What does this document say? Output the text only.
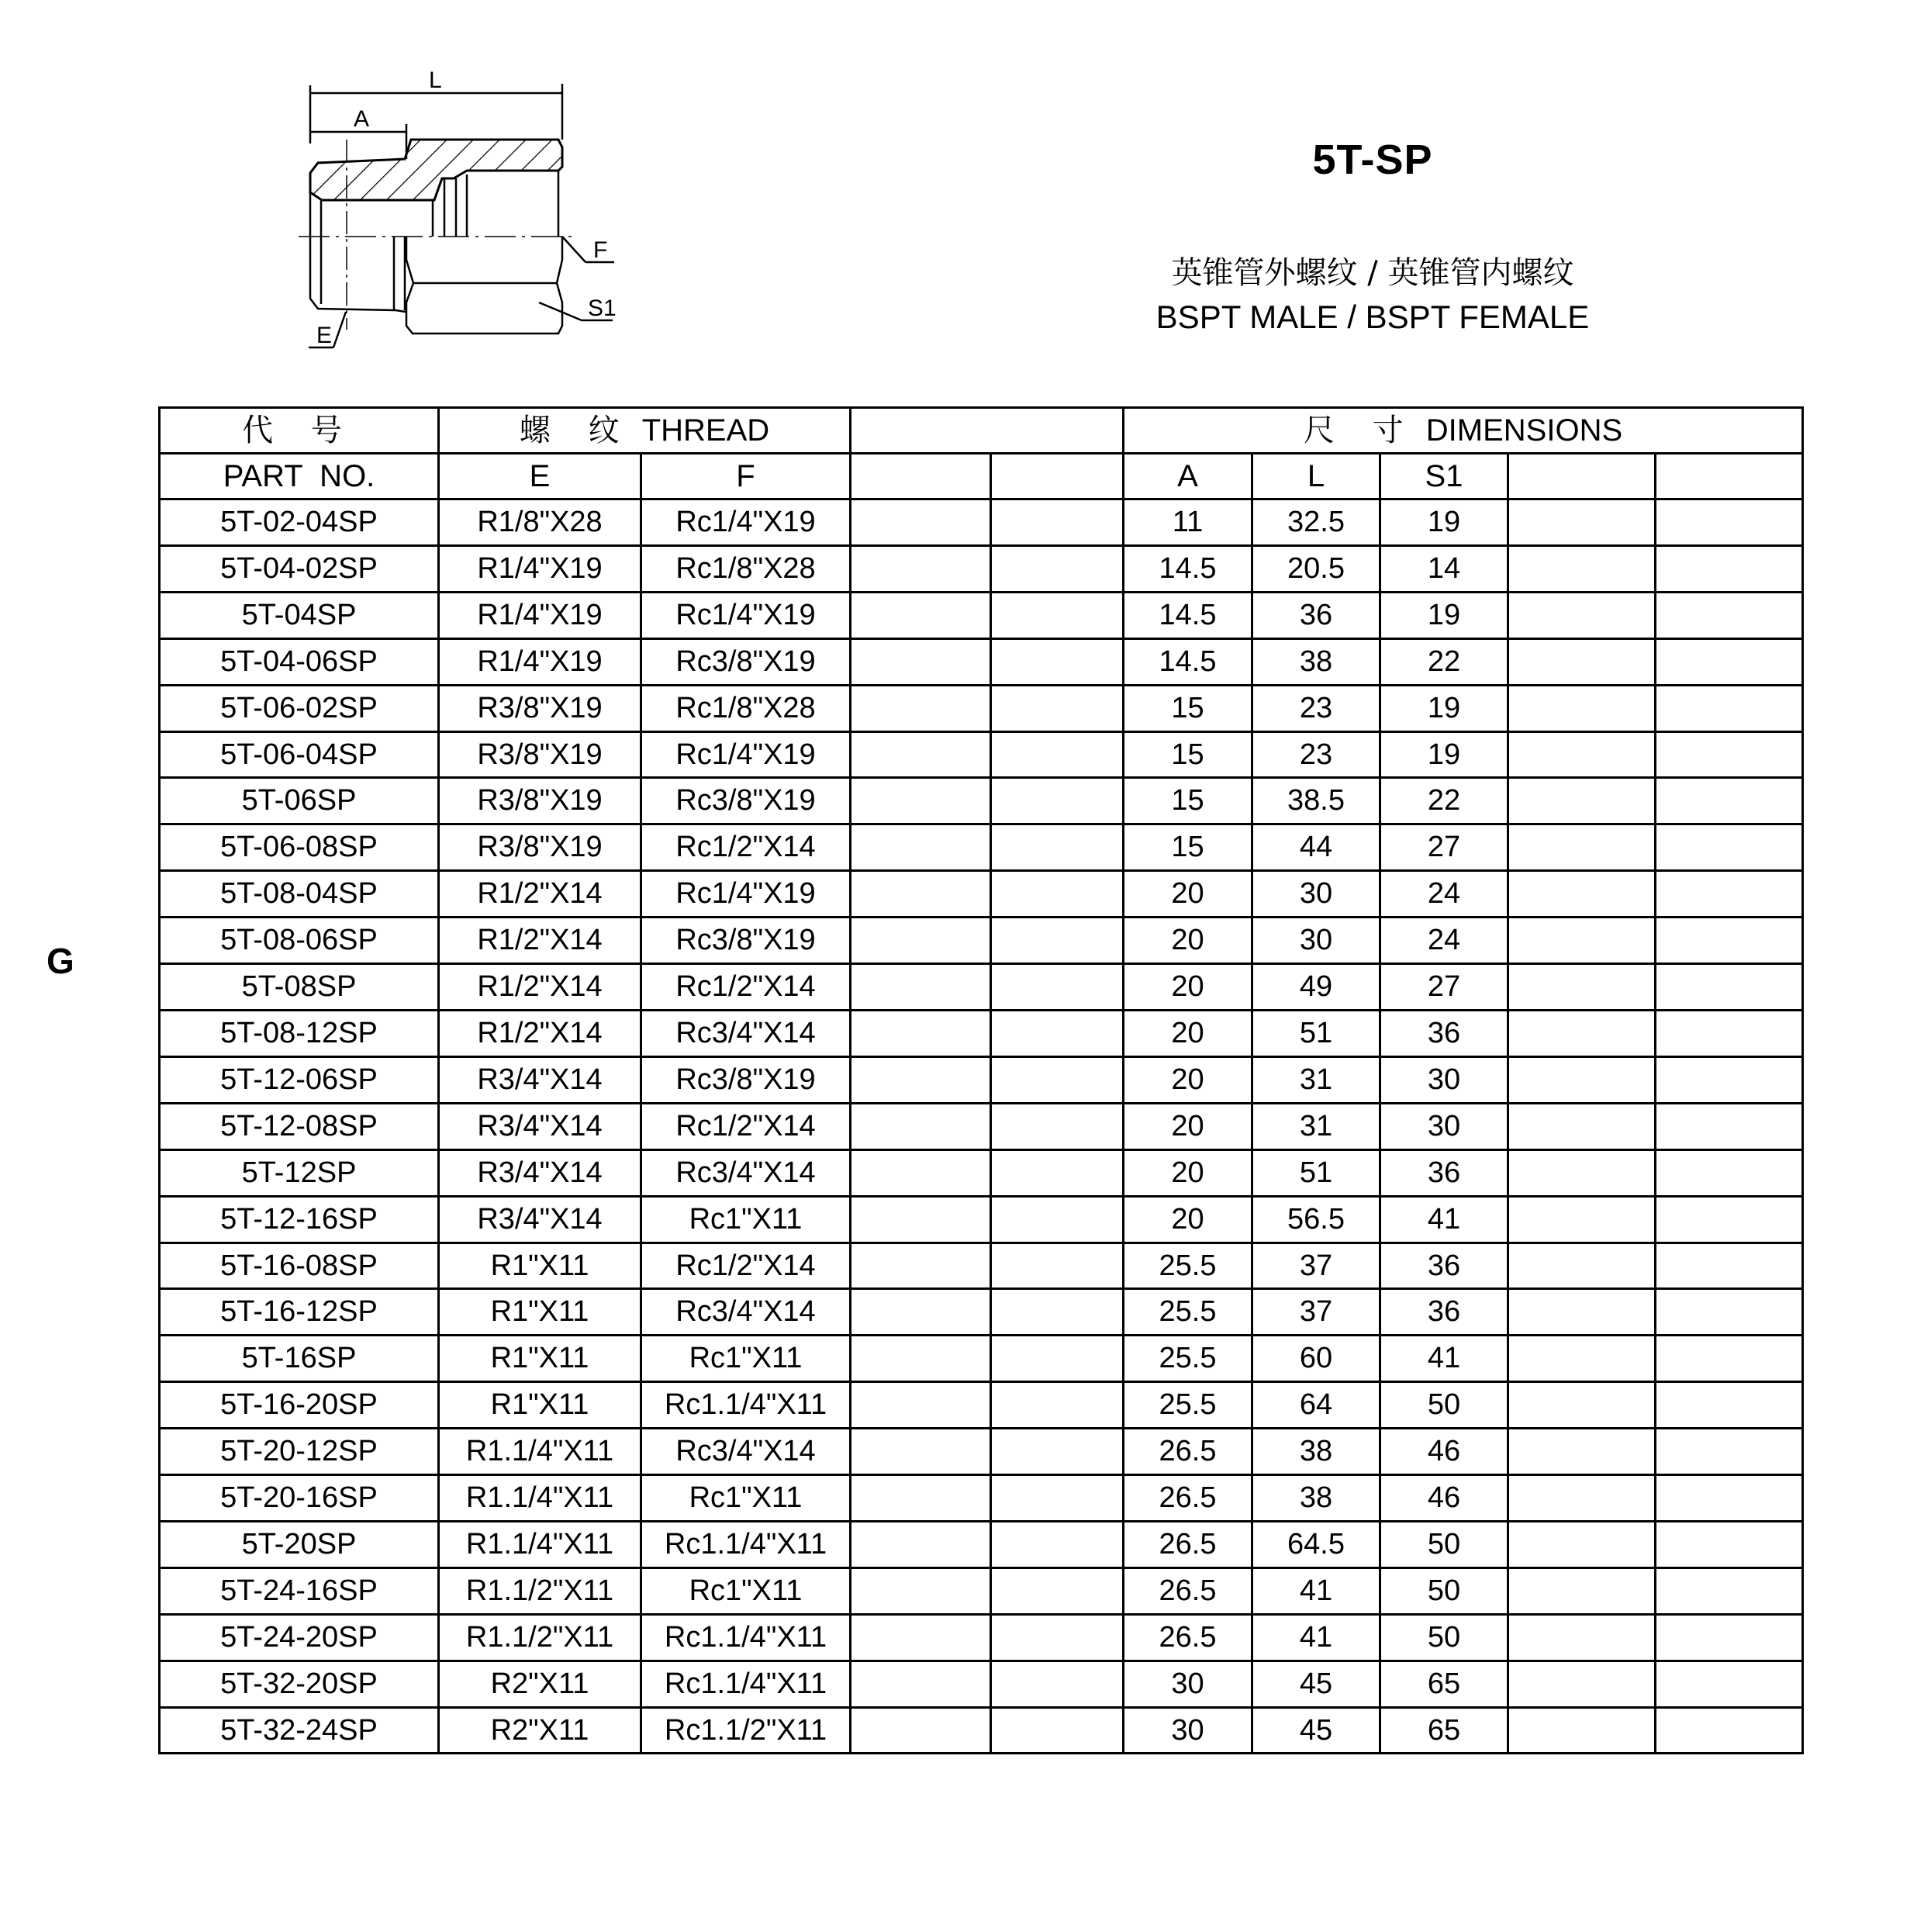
L
A
F
S1
E
5T-SP
英锥管外螺纹 / 英锥管内螺纹
BSPT MALE / BSPT FEMALE
G
代 号	螺 纹 THREAD				尺 寸 DIMENSIONS				
PART  NO.	E	F			A	L	S1		
5T-02-04SP	R1/8"X28	Rc1/4"X19			11	32.5	19		
5T-04-02SP	R1/4"X19	Rc1/8"X28			14.5	20.5	14		
5T-04SP	R1/4"X19	Rc1/4"X19			14.5	36	19		
5T-04-06SP	R1/4"X19	Rc3/8"X19			14.5	38	22		
5T-06-02SP	R3/8"X19	Rc1/8"X28			15	23	19		
5T-06-04SP	R3/8"X19	Rc1/4"X19			15	23	19		
5T-06SP	R3/8"X19	Rc3/8"X19			15	38.5	22		
5T-06-08SP	R3/8"X19	Rc1/2"X14			15	44	27		
5T-08-04SP	R1/2"X14	Rc1/4"X19			20	30	24		
5T-08-06SP	R1/2"X14	Rc3/8"X19			20	30	24		
5T-08SP	R1/2"X14	Rc1/2"X14			20	49	27		
5T-08-12SP	R1/2"X14	Rc3/4"X14			20	51	36		
5T-12-06SP	R3/4"X14	Rc3/8"X19			20	31	30		
5T-12-08SP	R3/4"X14	Rc1/2"X14			20	31	30		
5T-12SP	R3/4"X14	Rc3/4"X14			20	51	36		
5T-12-16SP	R3/4"X14	Rc1"X11			20	56.5	41		
5T-16-08SP	R1"X11	Rc1/2"X14			25.5	37	36		
5T-16-12SP	R1"X11	Rc3/4"X14			25.5	37	36		
5T-16SP	R1"X11	Rc1"X11			25.5	60	41		
5T-16-20SP	R1"X11	Rc1.1/4"X11			25.5	64	50		
5T-20-12SP	R1.1/4"X11	Rc3/4"X14			26.5	38	46		
5T-20-16SP	R1.1/4"X11	Rc1"X11			26.5	38	46		
5T-20SP	R1.1/4"X11	Rc1.1/4"X11			26.5	64.5	50		
5T-24-16SP	R1.1/2"X11	Rc1"X11			26.5	41	50		
5T-24-20SP	R1.1/2"X11	Rc1.1/4"X11			26.5	41	50		
5T-32-20SP	R2"X11	Rc1.1/4"X11			30	45	65		
5T-32-24SP	R2"X11	Rc1.1/2"X11			30	45	65		
